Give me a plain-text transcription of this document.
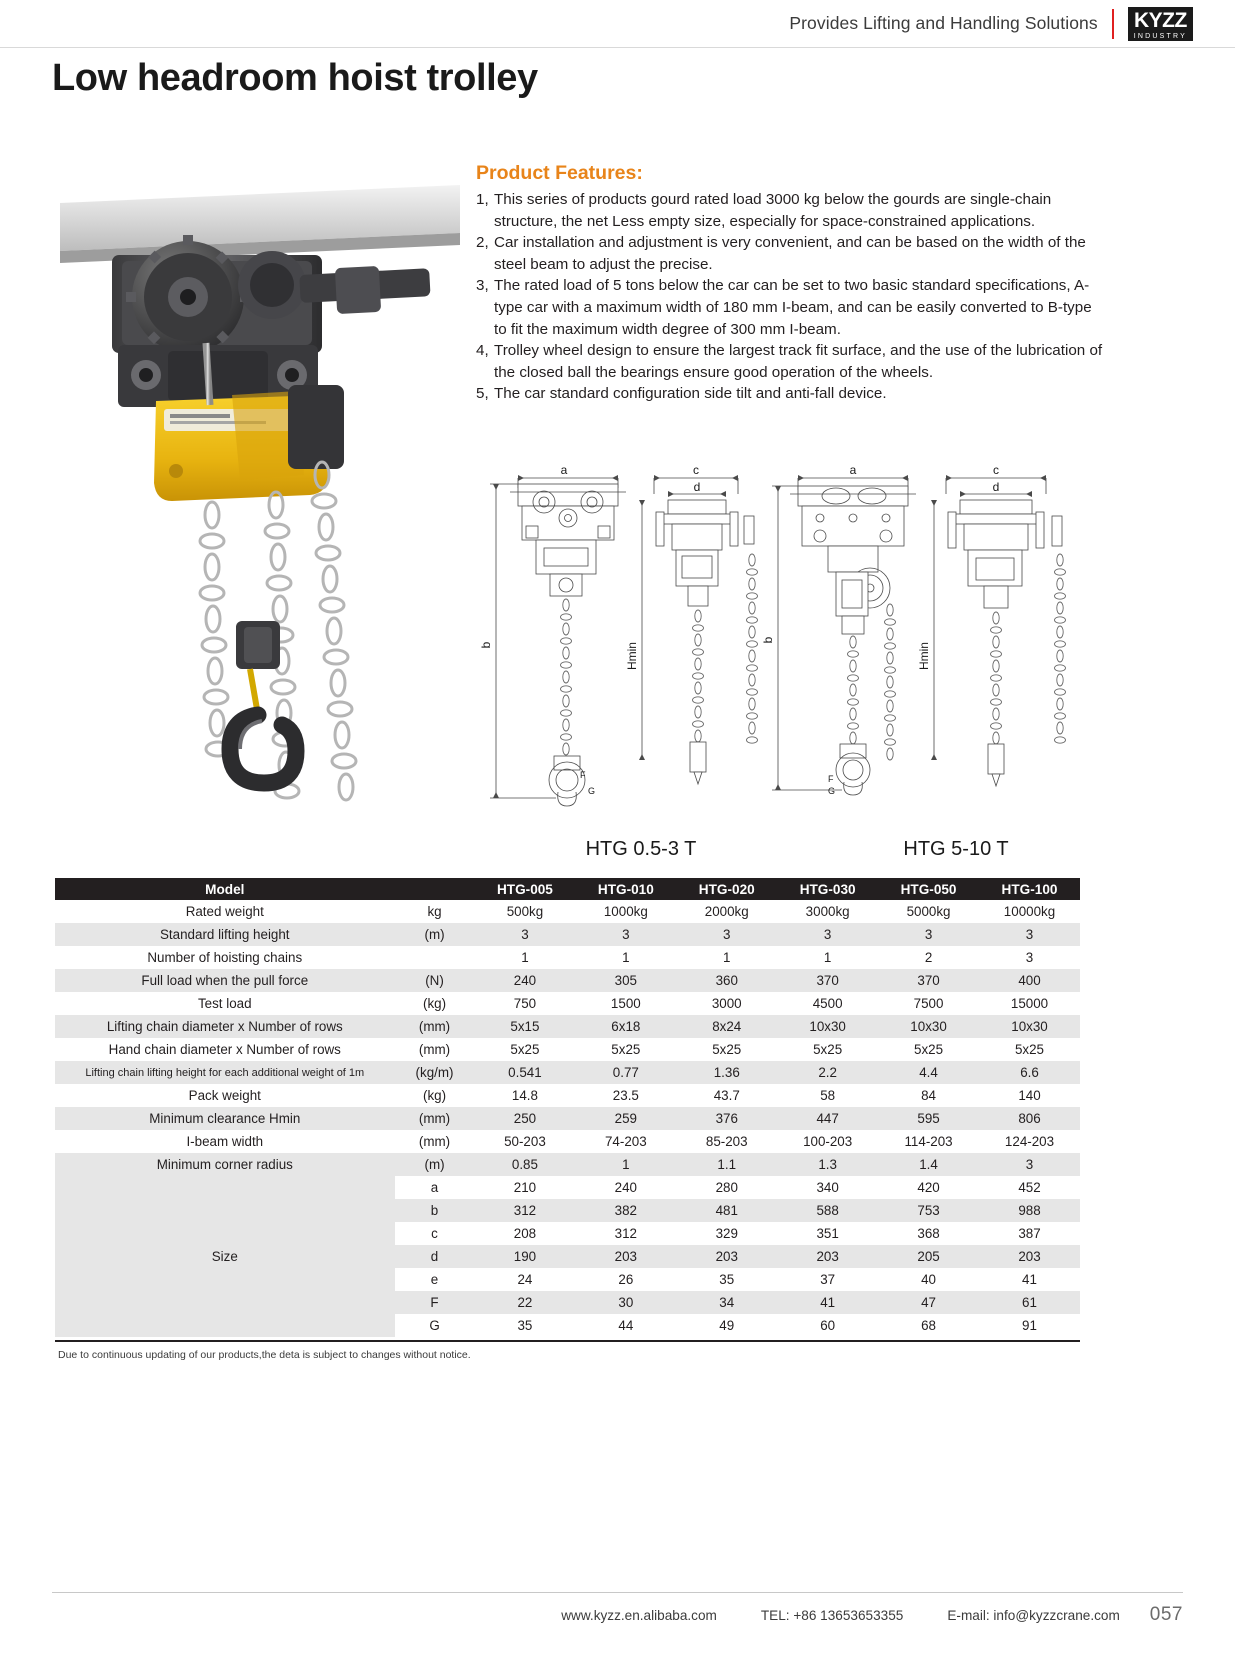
Provides Lifting and Handling Solutions KYZZ
INDUSTRY
Low headroom hoist trolley
Product Features:
1, This series of products gourd rated load 3000 kg below the gourds are single-chain structure, the net Less empty size, especially for space-constrained applications.
2, Car installation and adjustment is very convenient, and can be based on the width of the steel beam to adjust the precise.
3, The rated load of 5 tons below the car can be set to two basic standard specifications, A-type car with a maximum width of 180 mm I-beam, and can be easily converted to B-type to fit the maximum width degree of 300 mm I-beam.
4, Trolley wheel design to ensure the largest track fit surface, and the use of the lubrication of the closed ball the bearings ensure good operation of the wheels.
5, The car standard configuration side tilt and anti-fall device.
a
b
F
G
c
d
Hmin
a
b
F
G
c
d
Hmin
HTG 0.5-3 T	HTG 5-10 T
Model		HTG-005	HTG-010	HTG-020	HTG-030	HTG-050	HTG-100
Rated weight	kg	500kg	1000kg	2000kg	3000kg	5000kg	10000kg
Standard lifting height	(m)	3	3	3	3	3	3
Number of hoisting chains		1	1	1	1	2	3
Full load when the pull force	(N)	240	305	360	370	370	400
Test load	(kg)	750	1500	3000	4500	7500	15000
Lifting chain diameter x Number of rows	(mm)	5x15	6x18	8x24	10x30	10x30	10x30
Hand chain diameter x Number of rows	(mm)	5x25	5x25	5x25	5x25	5x25	5x25
Lifting chain lifting height for each additional weight of 1m	(kg/m)	0.541	0.77	1.36	2.2	4.4	6.6
Pack weight	(kg)	14.8	23.5	43.7	58	84	140
Minimum clearance Hmin	(mm)	250	259	376	447	595	806
I-beam width	(mm)	50-203	74-203	85-203	100-203	114-203	124-203
Minimum corner radius	(m)	0.85	1	1.1	1.3	1.4	3
Size	a	210	240	280	340	420	452
	b	312	382	481	588	753	988
	c	208	312	329	351	368	387
	d	190	203	203	203	205	203
	e	24	26	35	37	40	41
	F	22	30	34	41	47	61
	G	35	44	49	60	68	91
Due to continuous updating of our products,the deta is subject to changes without notice.
www.kyzz.en.alibaba.com	TEL: +86 13653653355	E-mail: info@kyzzcrane.com 057
